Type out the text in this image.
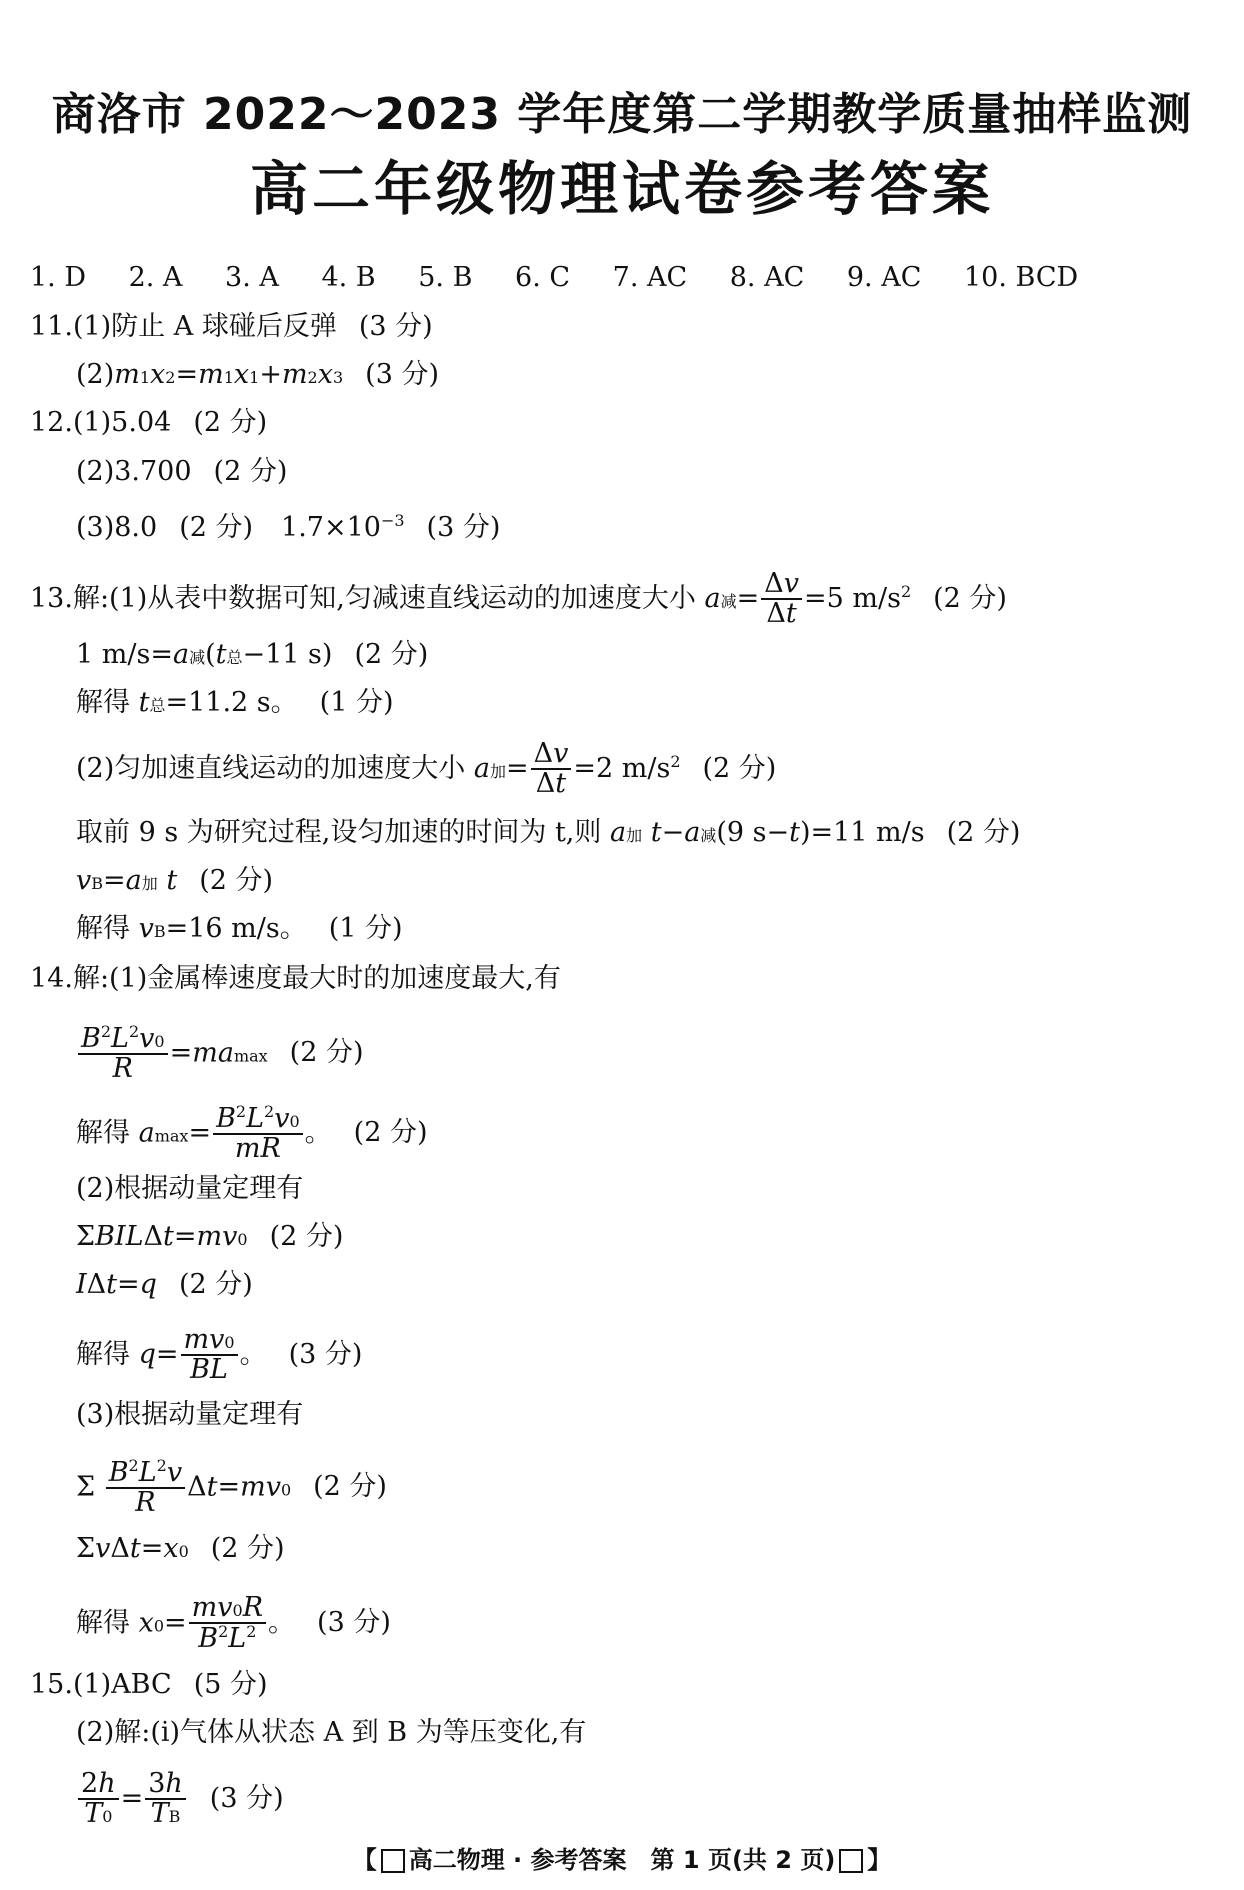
商洛市 2022～2023 学年度第二学期教学质量抽样监测
高二年级物理试卷参考答案
1. D 2. A 3. A 4. B 5. B 6. C 7. AC 8. AC 9. AC 10. BCD
11.(1)防止 A 球碰后反弹 (3 分)
(2)m1x2=m1x1+m2x3 (3 分)
12.(1)5.04 (2 分)
(2)3.700 (2 分)
(3)8.0 (2 分) $1.7\times 10^{-3}$ (3 分)
13.解:(1)从表中数据可知,匀减速直线运动的加速度大小 a减= $\frac{\Delta v}{\Delta t} =5$ $m/s^2$ (2 分)
1 m/s=a减(t总−11 s) (2 分)
解得 t总=11.2 s。 (1 分)
(2)匀加速直线运动的加速度大小 a加= $\frac{\Delta v}{\Delta t} =2$ $m/s^2$ (2 分)
取前 9 s 为研究过程,设匀加速的时间为 t,则 a加 t−a减(9 s−t)=11 m/s (2 分)
vB=a加 t (2 分)
解得 vB=16 m/s。 (1 分)
14.解:(1)金属棒速度最大时的加速度最大,有
$\frac{B^2L^2v0}{R} =mamax$ (2 分)
解得 $amax= \frac{B^2L^2v0}{mR}$ 。 (2 分)
(2)根据动量定理有
ΣBILΔt=mv0 (2 分)
IΔt=q (2 分)
解得 $q= \frac{mv0}{BL}$ 。 (3 分)
(3)根据动量定理有
Σ $\frac{B^2L^2v}{R} \Delta t=mv0$ (2 分)
ΣvΔt=x0 (2 分)
解得 $x0= \frac{mv0R}{B^2L^2}$ 。 (3 分)
15.(1)ABC (5 分)
(2)解:(ⅰ)气体从状态 A 到 B 为等压变化,有
$\frac{2h}{T0} = \frac{3h}{TB} (3$ 分)
【 高二物理 · 参考答案　第 1 页(共 2 页) 】
